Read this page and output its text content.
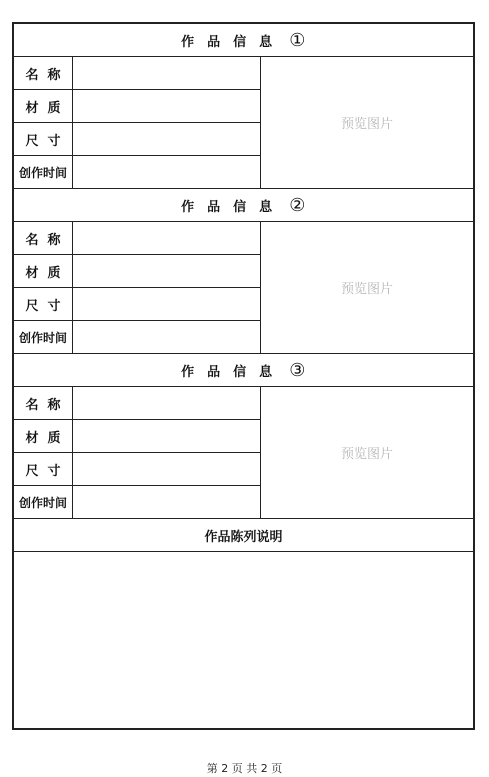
作品信息 ①
名称
材质
尺寸
创作时间
预览图片
作品信息 ②
名称
材质
尺寸
创作时间
预览图片
作品信息 ③
名称
材质
尺寸
创作时间
预览图片
作品陈列说明
第 2 页 共 2 页
